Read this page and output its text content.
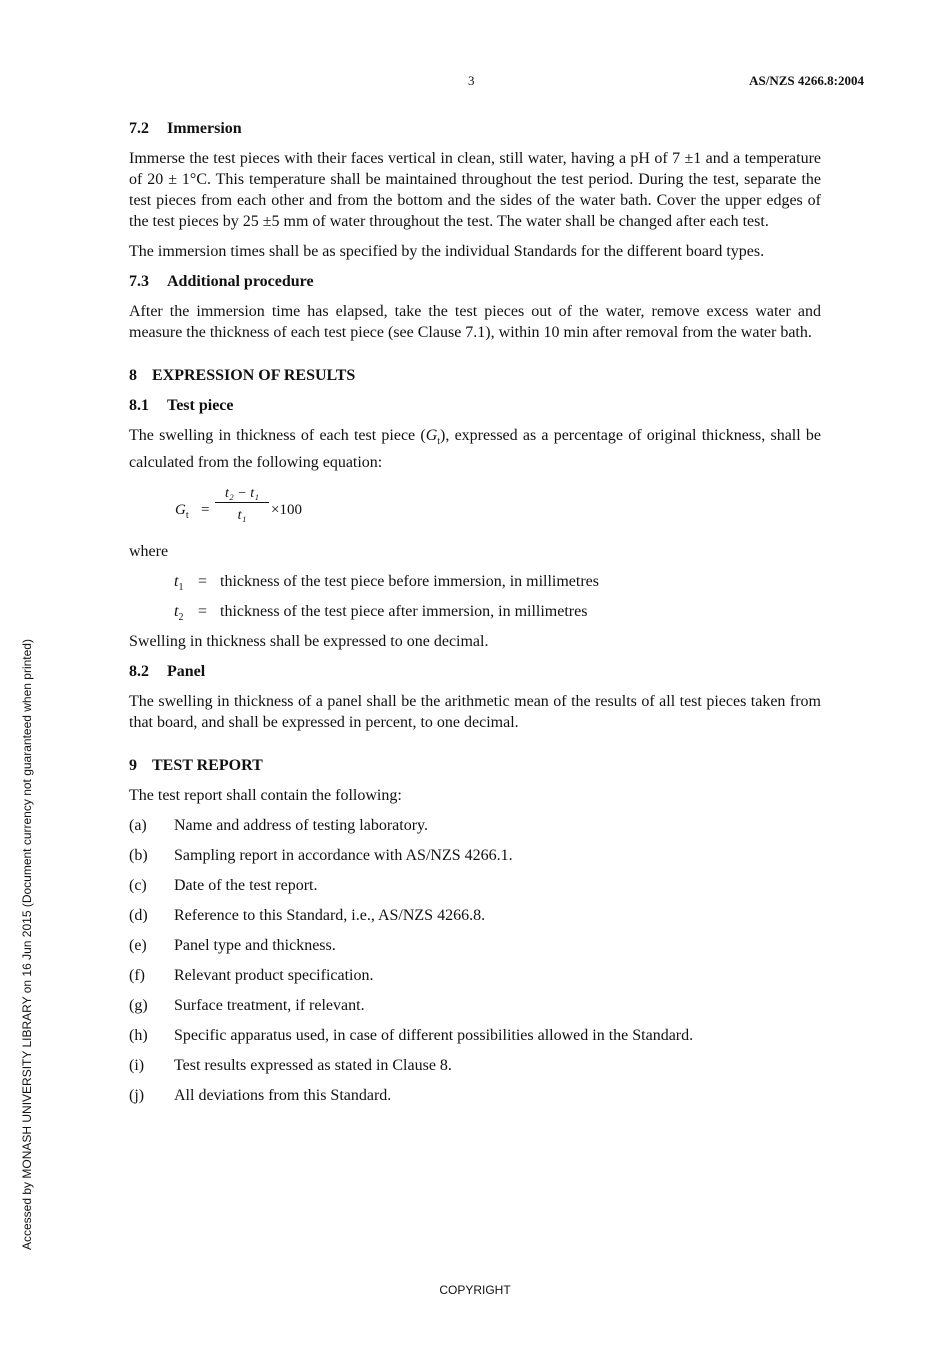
3	AS/NZS 4266.8:2004
7.2 Immersion

Immerse the test pieces with their faces vertical in clean, still water, having a pH of 7 ±1 and a temperature of 20 ± 1°C. This temperature shall be maintained throughout the test period. During the test, separate the test pieces from each other and from the bottom and the sides of the water bath. Cover the upper edges of the test pieces by 25 ±5 mm of water throughout the test. The water shall be changed after each test.

The immersion times shall be as specified by the individual Standards for the different board types.

7.3 Additional procedure

After the immersion time has elapsed, take the test pieces out of the water, remove excess water and measure the thickness of each test piece (see Clause 7.1), within 10 min after removal from the water bath.

8 EXPRESSION OF RESULTS
8.1 Test piece

The swelling in thickness of each test piece $(G_t)$, expressed as a percentage of original thickness, shall be calculated from the following equation:

$G_t = \frac{\text{t₂ − t₁}}{\text{t₁}} \times 100$

where

$t_1$ = thickness of the test piece before immersion, in millimetres
$t_2$ = thickness of the test piece after immersion, in millimetres

Swelling in thickness shall be expressed to one decimal.

8.2 Panel

The swelling in thickness of a panel shall be the arithmetic mean of the results of all test pieces taken from that board, and shall be expressed in percent, to one decimal.

9 TEST REPORT

The test report shall contain the following:

(a)	Name and address of testing laboratory.
(b)	Sampling report in accordance with AS/NZS 4266.1.
(c)	Date of the test report.
(d)	Reference to this Standard, i.e., AS/NZS 4266.8.
(e)	Panel type and thickness.
(f)	Relevant product specification.
(g)	Surface treatment, if relevant.
(h)	Specific apparatus used, in case of different possibilities allowed in the Standard.
(i)	Test results expressed as stated in Clause 8.
(j)	All deviations from this Standard.
Accessed by MONASH UNIVERSITY LIBRARY on 16 Jun 2015 (Document currency not guaranteed when printed)
COPYRIGHT
